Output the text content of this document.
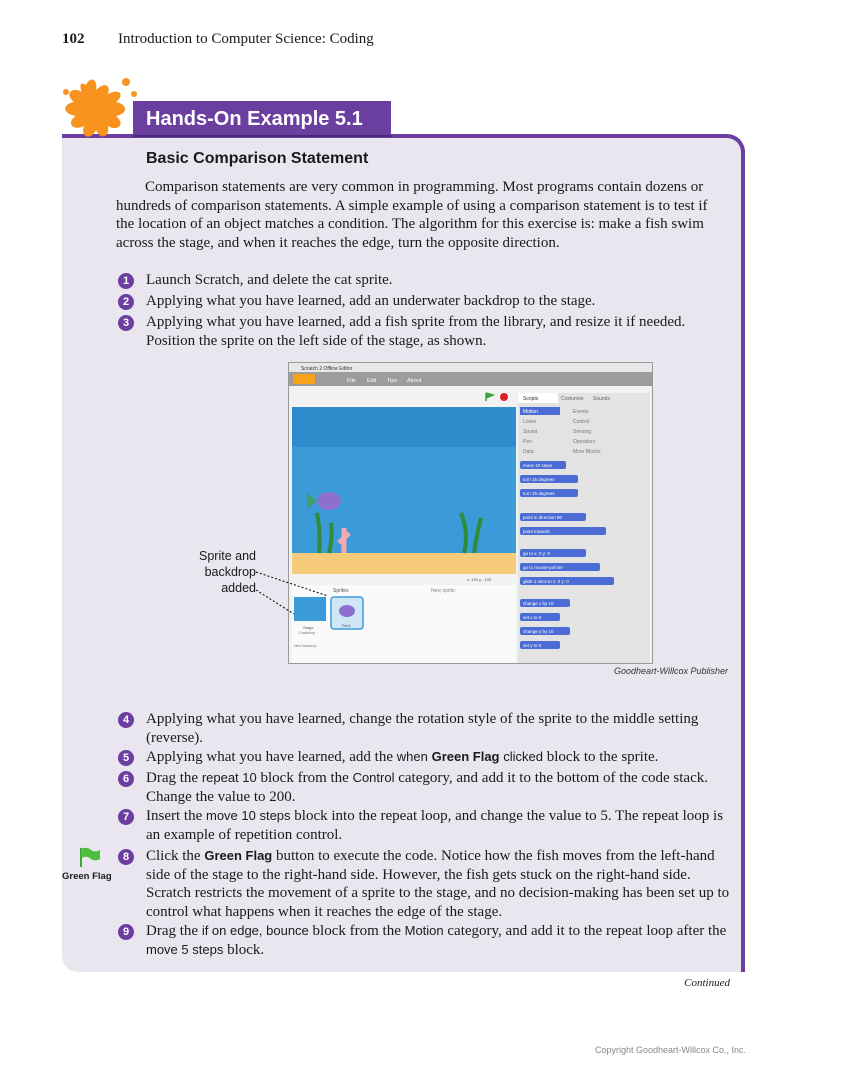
102 Introduction to Computer Science: Coding
Hands-On Example 5.1
Basic Comparison Statement

Comparison statements are very common in programming. Most programs contain dozens or hundreds of comparison statements. A simple example of using a comparison statement is to test if the location of an object matches a condition. The algorithm for this exercise is: make a fish swim across the stage, and when it reaches the edge, turn the opposite direction.

1	Launch Scratch, and delete the cat sprite.
2	Applying what you have learned, add an underwater backdrop to the stage.
3	Applying what you have learned, add a fish sprite from the library, and resize it if needed. Position the sprite on the left side of the stage, as shown.
Scratch 2 Offline Editor
File Edit Tips About
Scripts	Costumes Sounds
Motion
Looks
Sound
Pen
Data
Events
Control
Sensing
Operators
More Blocks
move 10 steps
turn 15 degrees
turn 15 degrees
point in direction 90
point towards
go to x: 0 y: 0
go to mouse-pointer
glide 1 secs to x: 0 y: 0
change x by 10
set x to 0
change y by 10
set y to 0
x: 126 y: -100
Sprites	New sprite:
Stage
1 backdrop
New backdrop:
Fish1
Sprite and backdrop added
Goodheart-Willcox Publisher
4	Applying what you have learned, change the rotation style of the sprite to the middle setting (reverse).
5	Applying what you have learned, add the when Green Flag clicked block to the sprite.
6	Drag the repeat 10 block from the Control category, and add it to the bottom of the code stack. Change the value to 200.
7	Insert the move 10 steps block into the repeat loop, and change the value to 5. The repeat loop is an example of repetition control.
8	Click the Green Flag button to execute the code. Notice how the fish moves from the left-hand side of the stage to the right-hand side. However, the fish gets stuck on the right-hand side. Scratch restricts the movement of a sprite to the stage, and no decision-making has been set up to control what happens when it reaches the edge of the stage.
9	Drag the if on edge, bounce block from the Motion category, and add it to the repeat loop after the move 5 steps block.
Green Flag
Continued
Copyright Goodheart-Willcox Co., Inc.
